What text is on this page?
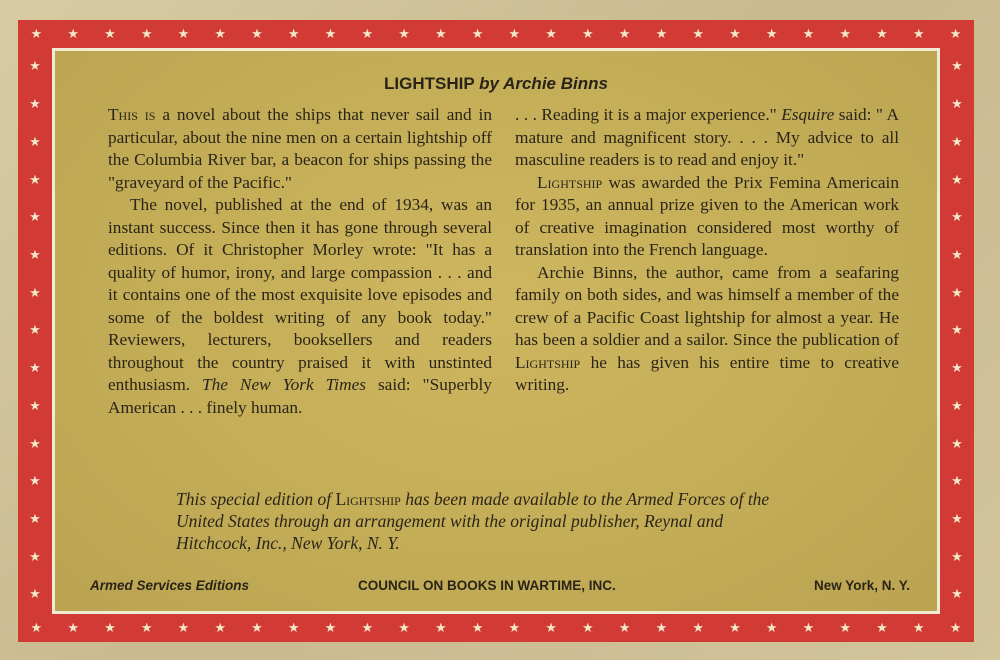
★ ★ ★ ★ ★ ★ ★ ★ ★ ★ ★ ★ ★ ★ ★ ★ ★ ★ ★ ★ ★ ★ ★ ★ ★ ★
★ ★ ★ ★ ★ ★ ★ ★ ★ ★ ★ ★ ★ ★ ★ ★ ★ ★ ★ ★ ★ ★ ★ ★ ★ ★
★
★
★
★
★
★
★
★
★
★
★
★
★
★
★
★
★
★
★
★
★
★
★
★
★
★
★
★
★
★
LIGHTSHIP by Archie Binns

This is a novel about the ships that never sail and in particular, about the nine men on a certain lightship off the Columbia River bar, a beacon for ships passing the "graveyard of the Pacific."

The novel, published at the end of 1934, was an instant success. Since then it has gone through several editions. Of it Christopher Morley wrote: "It has a quality of humor, irony, and large compassion . . . and it contains one of the most exquisite love episodes and some of the boldest writing of any book today." Reviewers, lecturers, booksellers and readers throughout the country praised it with unstinted enthusiasm. The New York Times said: "Superbly American . . . finely human.

. . . Reading it is a major experience." Esquire said: " A mature and magnificent story. . . . My advice to all masculine readers is to read and enjoy it."

Lightship was awarded the Prix Femina Americain for 1935, an annual prize given to the American work of creative imagination considered most worthy of translation into the French language.

Archie Binns, the author, came from a seafaring family on both sides, and was himself a member of the crew of a Pacific Coast lightship for almost a year. He has been a soldier and a sailor. Since the publication of Lightship he has given his entire time to creative writing.

This special edition of Lightship has been made available to the Armed Forces of the United States through an arrangement with the original publisher, Reynal and Hitchcock, Inc., New York, N. Y.
Armed Services Editions	COUNCIL ON BOOKS IN WARTIME, INC.	New York, N. Y.
